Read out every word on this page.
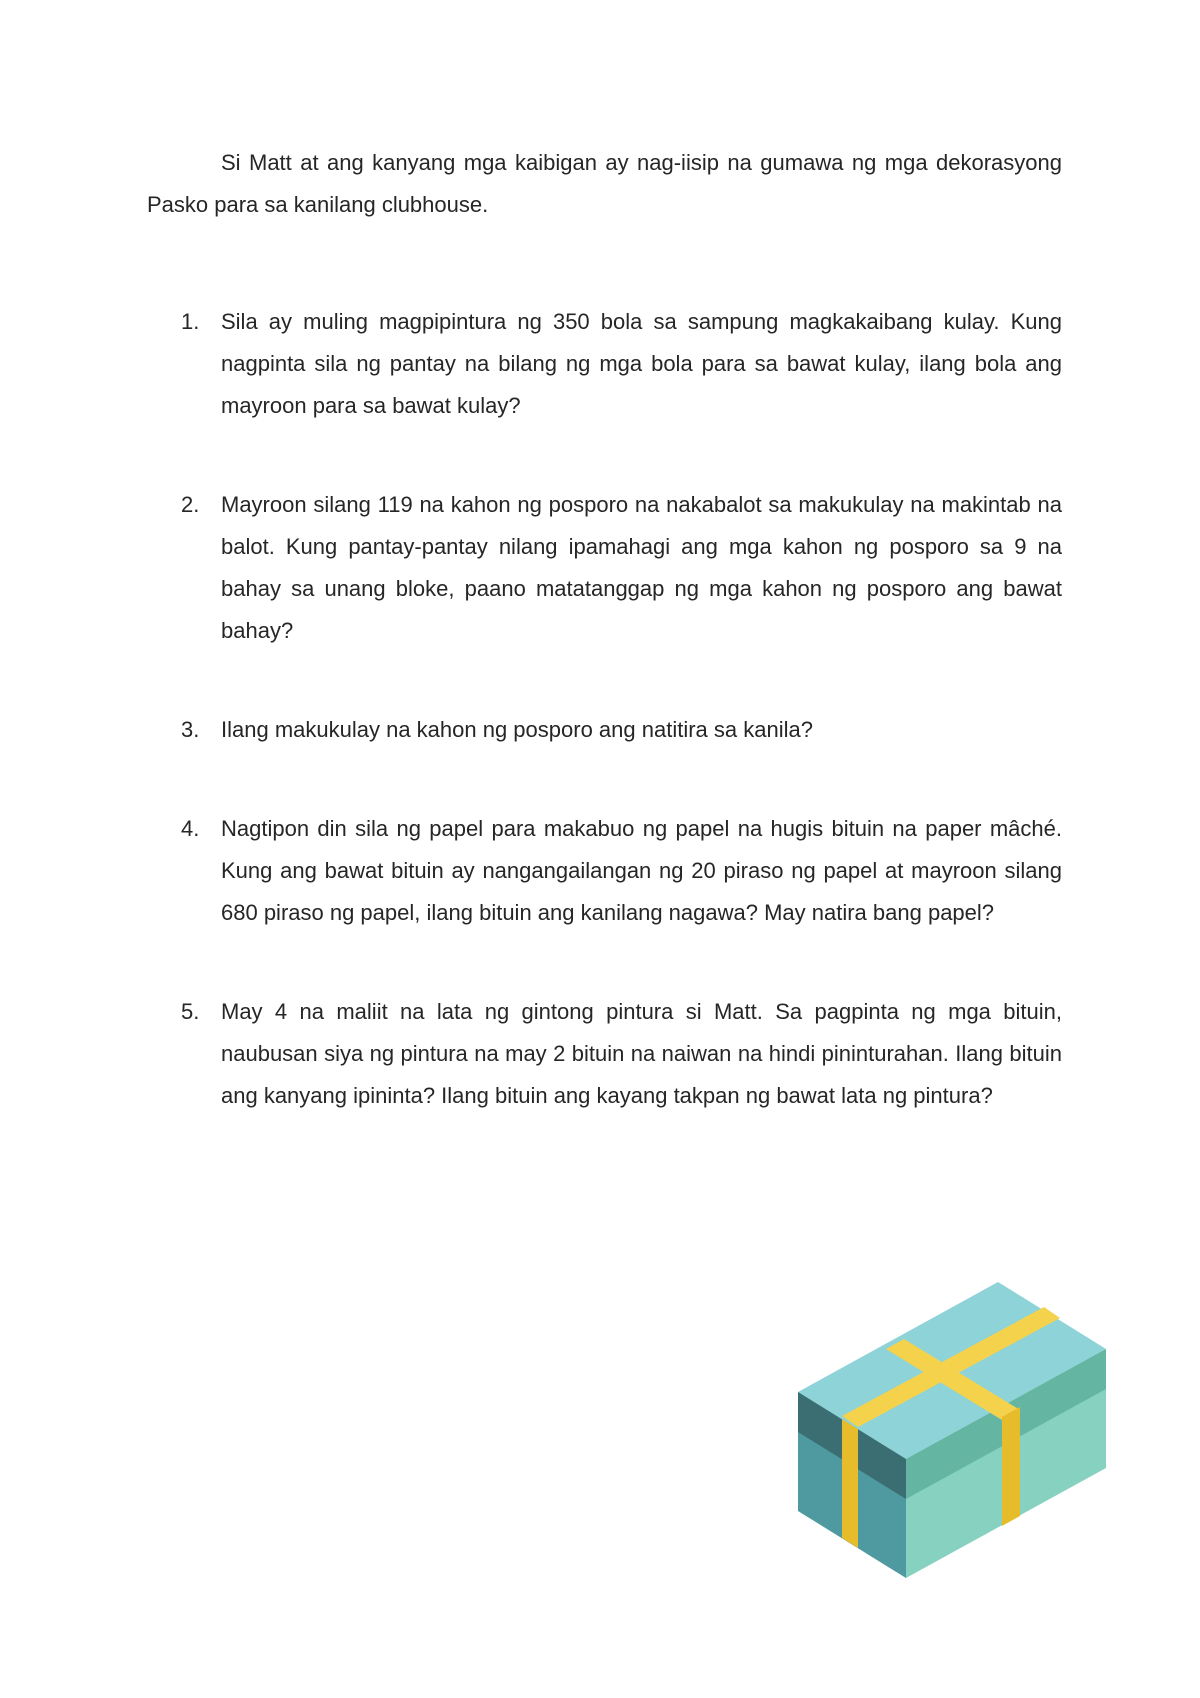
Si Matt at ang kanyang mga kaibigan ay nag-iisip na gumawa ng mga dekorasyong Pasko para sa kanilang clubhouse.

1. Sila ay muling magpipintura ng 350 bola sa sampung magkakaibang kulay. Kung nagpinta sila ng pantay na bilang ng mga bola para sa bawat kulay, ilang bola ang mayroon para sa bawat kulay?
2. Mayroon silang 119 na kahon ng posporo na nakabalot sa makukulay na makintab na balot. Kung pantay-pantay nilang ipamahagi ang mga kahon ng posporo sa 9 na bahay sa unang bloke, paano matatanggap ng mga kahon ng posporo ang bawat bahay?
3. Ilang makukulay na kahon ng posporo ang natitira sa kanila?
4. Nagtipon din sila ng papel para makabuo ng papel na hugis bituin na paper mâché. Kung ang bawat bituin ay nangangailangan ng 20 piraso ng papel at mayroon silang 680 piraso ng papel, ilang bituin ang kanilang nagawa? May natira bang papel?
5. May 4 na maliit na lata ng gintong pintura si Matt. Sa pagpinta ng mga bituin, naubusan siya ng pintura na may 2 bituin na naiwan na hindi pininturahan. Ilang bituin ang kanyang ipininta? Ilang bituin ang kayang takpan ng bawat lata ng pintura?
